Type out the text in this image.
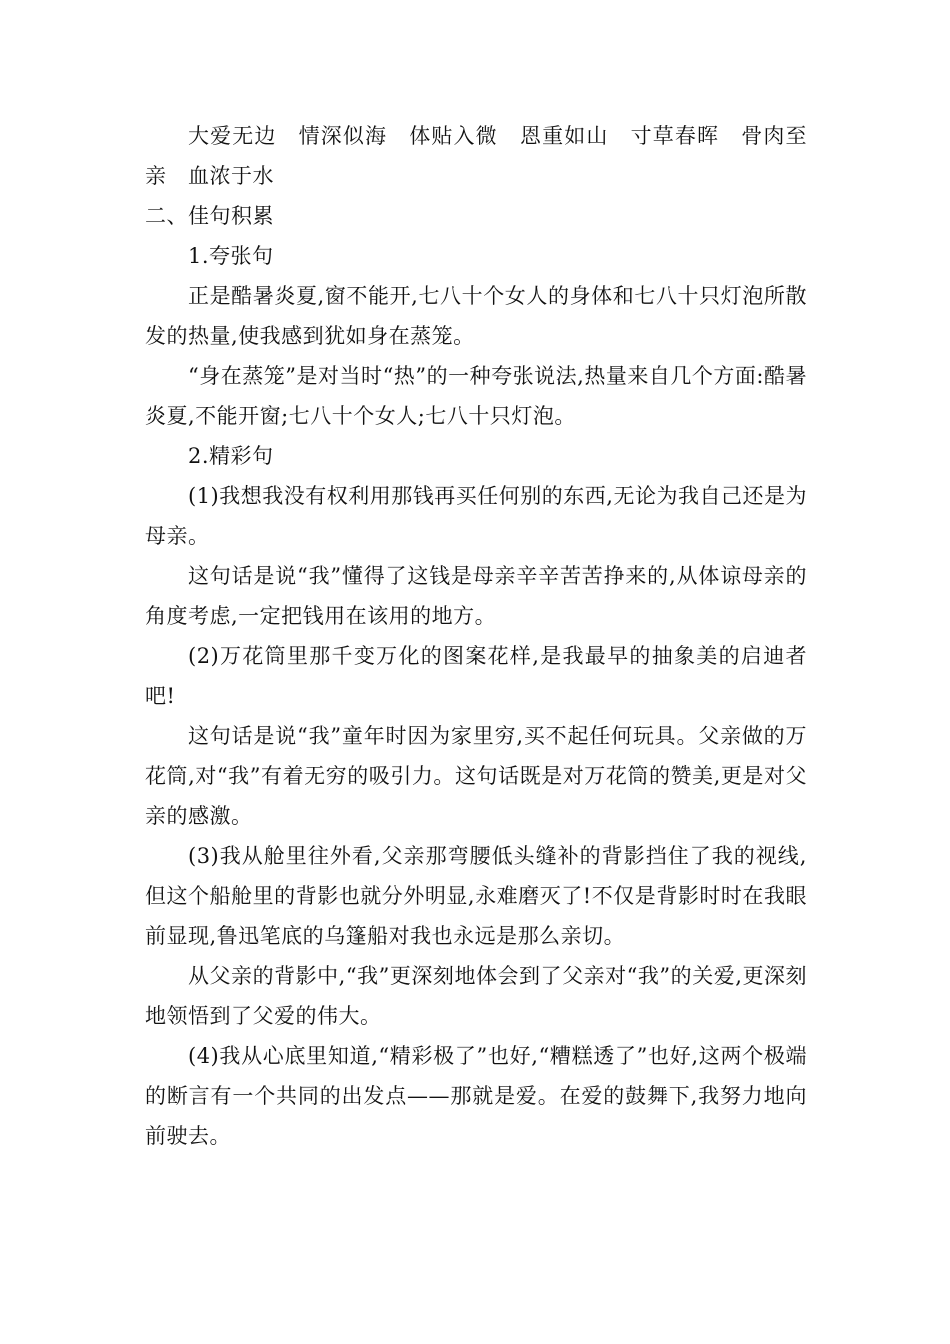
大爱无边　情深似海　体贴入微　恩重如山　寸草春晖　骨肉至亲　血浓于水

二、佳句积累

1.夸张句

正是酷暑炎夏,窗不能开,七八十个女人的身体和七八十只灯泡所散发的热量,使我感到犹如身在蒸笼。

“身在蒸笼”是对当时“热”的一种夸张说法,热量来自几个方面:酷暑炎夏,不能开窗;七八十个女人;七八十只灯泡。

2.精彩句

(1)我想我没有权利用那钱再买任何别的东西,无论为我自己还是为母亲。

这句话是说“我”懂得了这钱是母亲辛辛苦苦挣来的,从体谅母亲的角度考虑,一定把钱用在该用的地方。

(2)万花筒里那千变万化的图案花样,是我最早的抽象美的启迪者吧!

这句话是说“我”童年时因为家里穷,买不起任何玩具。父亲做的万花筒,对“我”有着无穷的吸引力。这句话既是对万花筒的赞美,更是对父亲的感激。

(3)我从舱里往外看,父亲那弯腰低头缝补的背影挡住了我的视线,但这个船舱里的背影也就分外明显,永难磨灭了!不仅是背影时时在我眼前显现,鲁迅笔底的乌篷船对我也永远是那么亲切。

从父亲的背影中,“我”更深刻地体会到了父亲对“我”的关爱,更深刻地领悟到了父爱的伟大。

(4)我从心底里知道,“精彩极了”也好,“糟糕透了”也好,这两个极端的断言有一个共同的出发点——那就是爱。在爱的鼓舞下,我努力地向前驶去。
